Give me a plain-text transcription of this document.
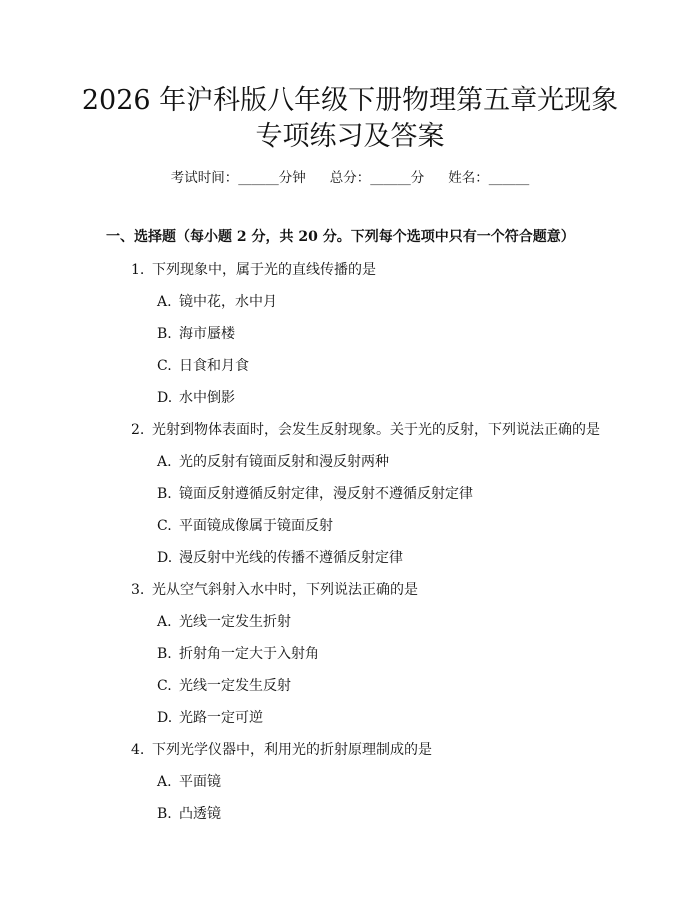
2026 年沪科版八年级下册物理第五章光现象
专项练习及答案
考试时间：______分钟 总分：______分 姓名：______
一、选择题（每小题 2 分，共 20 分。下列每个选项中只有一个符合题意）
1. 下列现象中，属于光的直线传播的是
A. 镜中花，水中月
B. 海市蜃楼
C. 日食和月食
D. 水中倒影
2. 光射到物体表面时，会发生反射现象。关于光的反射，下列说法正确的是
A. 光的反射有镜面反射和漫反射两种
B. 镜面反射遵循反射定律，漫反射不遵循反射定律
C. 平面镜成像属于镜面反射
D. 漫反射中光线的传播不遵循反射定律
3. 光从空气斜射入水中时，下列说法正确的是
A. 光线一定发生折射
B. 折射角一定大于入射角
C. 光线一定发生反射
D. 光路一定可逆
4. 下列光学仪器中，利用光的折射原理制成的是
A. 平面镜
B. 凸透镜
